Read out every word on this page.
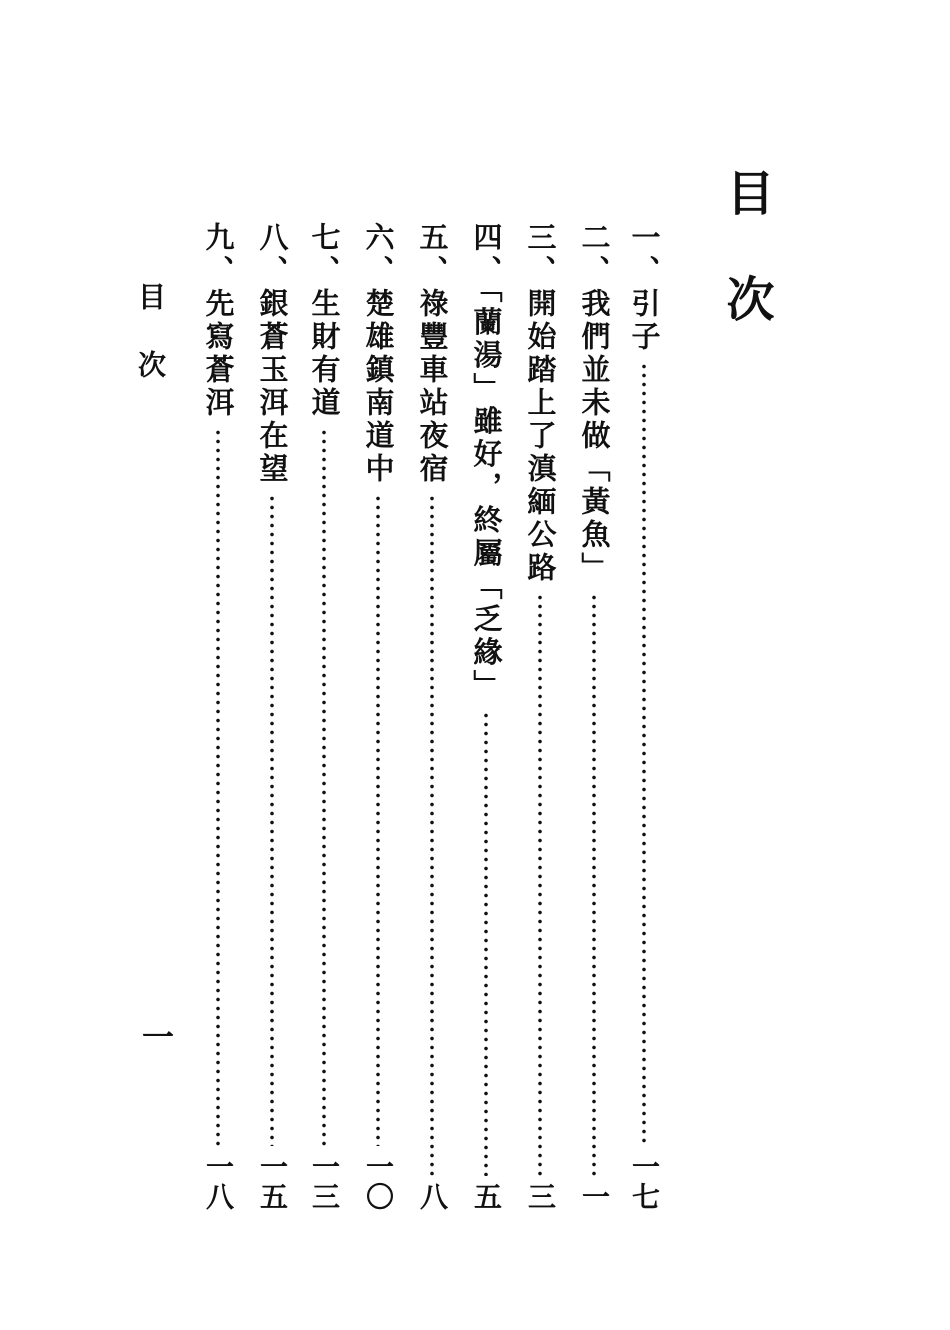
目次
一、引子
一七
二、我們並未做「黃魚」
一
三、開始踏上了滇緬公路
三
四、「蘭湯」雖好，終屬「乏緣」
五
五、祿豐車站夜宿
八
六、楚雄鎮南道中
一〇
七、生財有道
一三
八、銀蒼玉洱在望
一五
九、先寫蒼洱
一八
目次
一
